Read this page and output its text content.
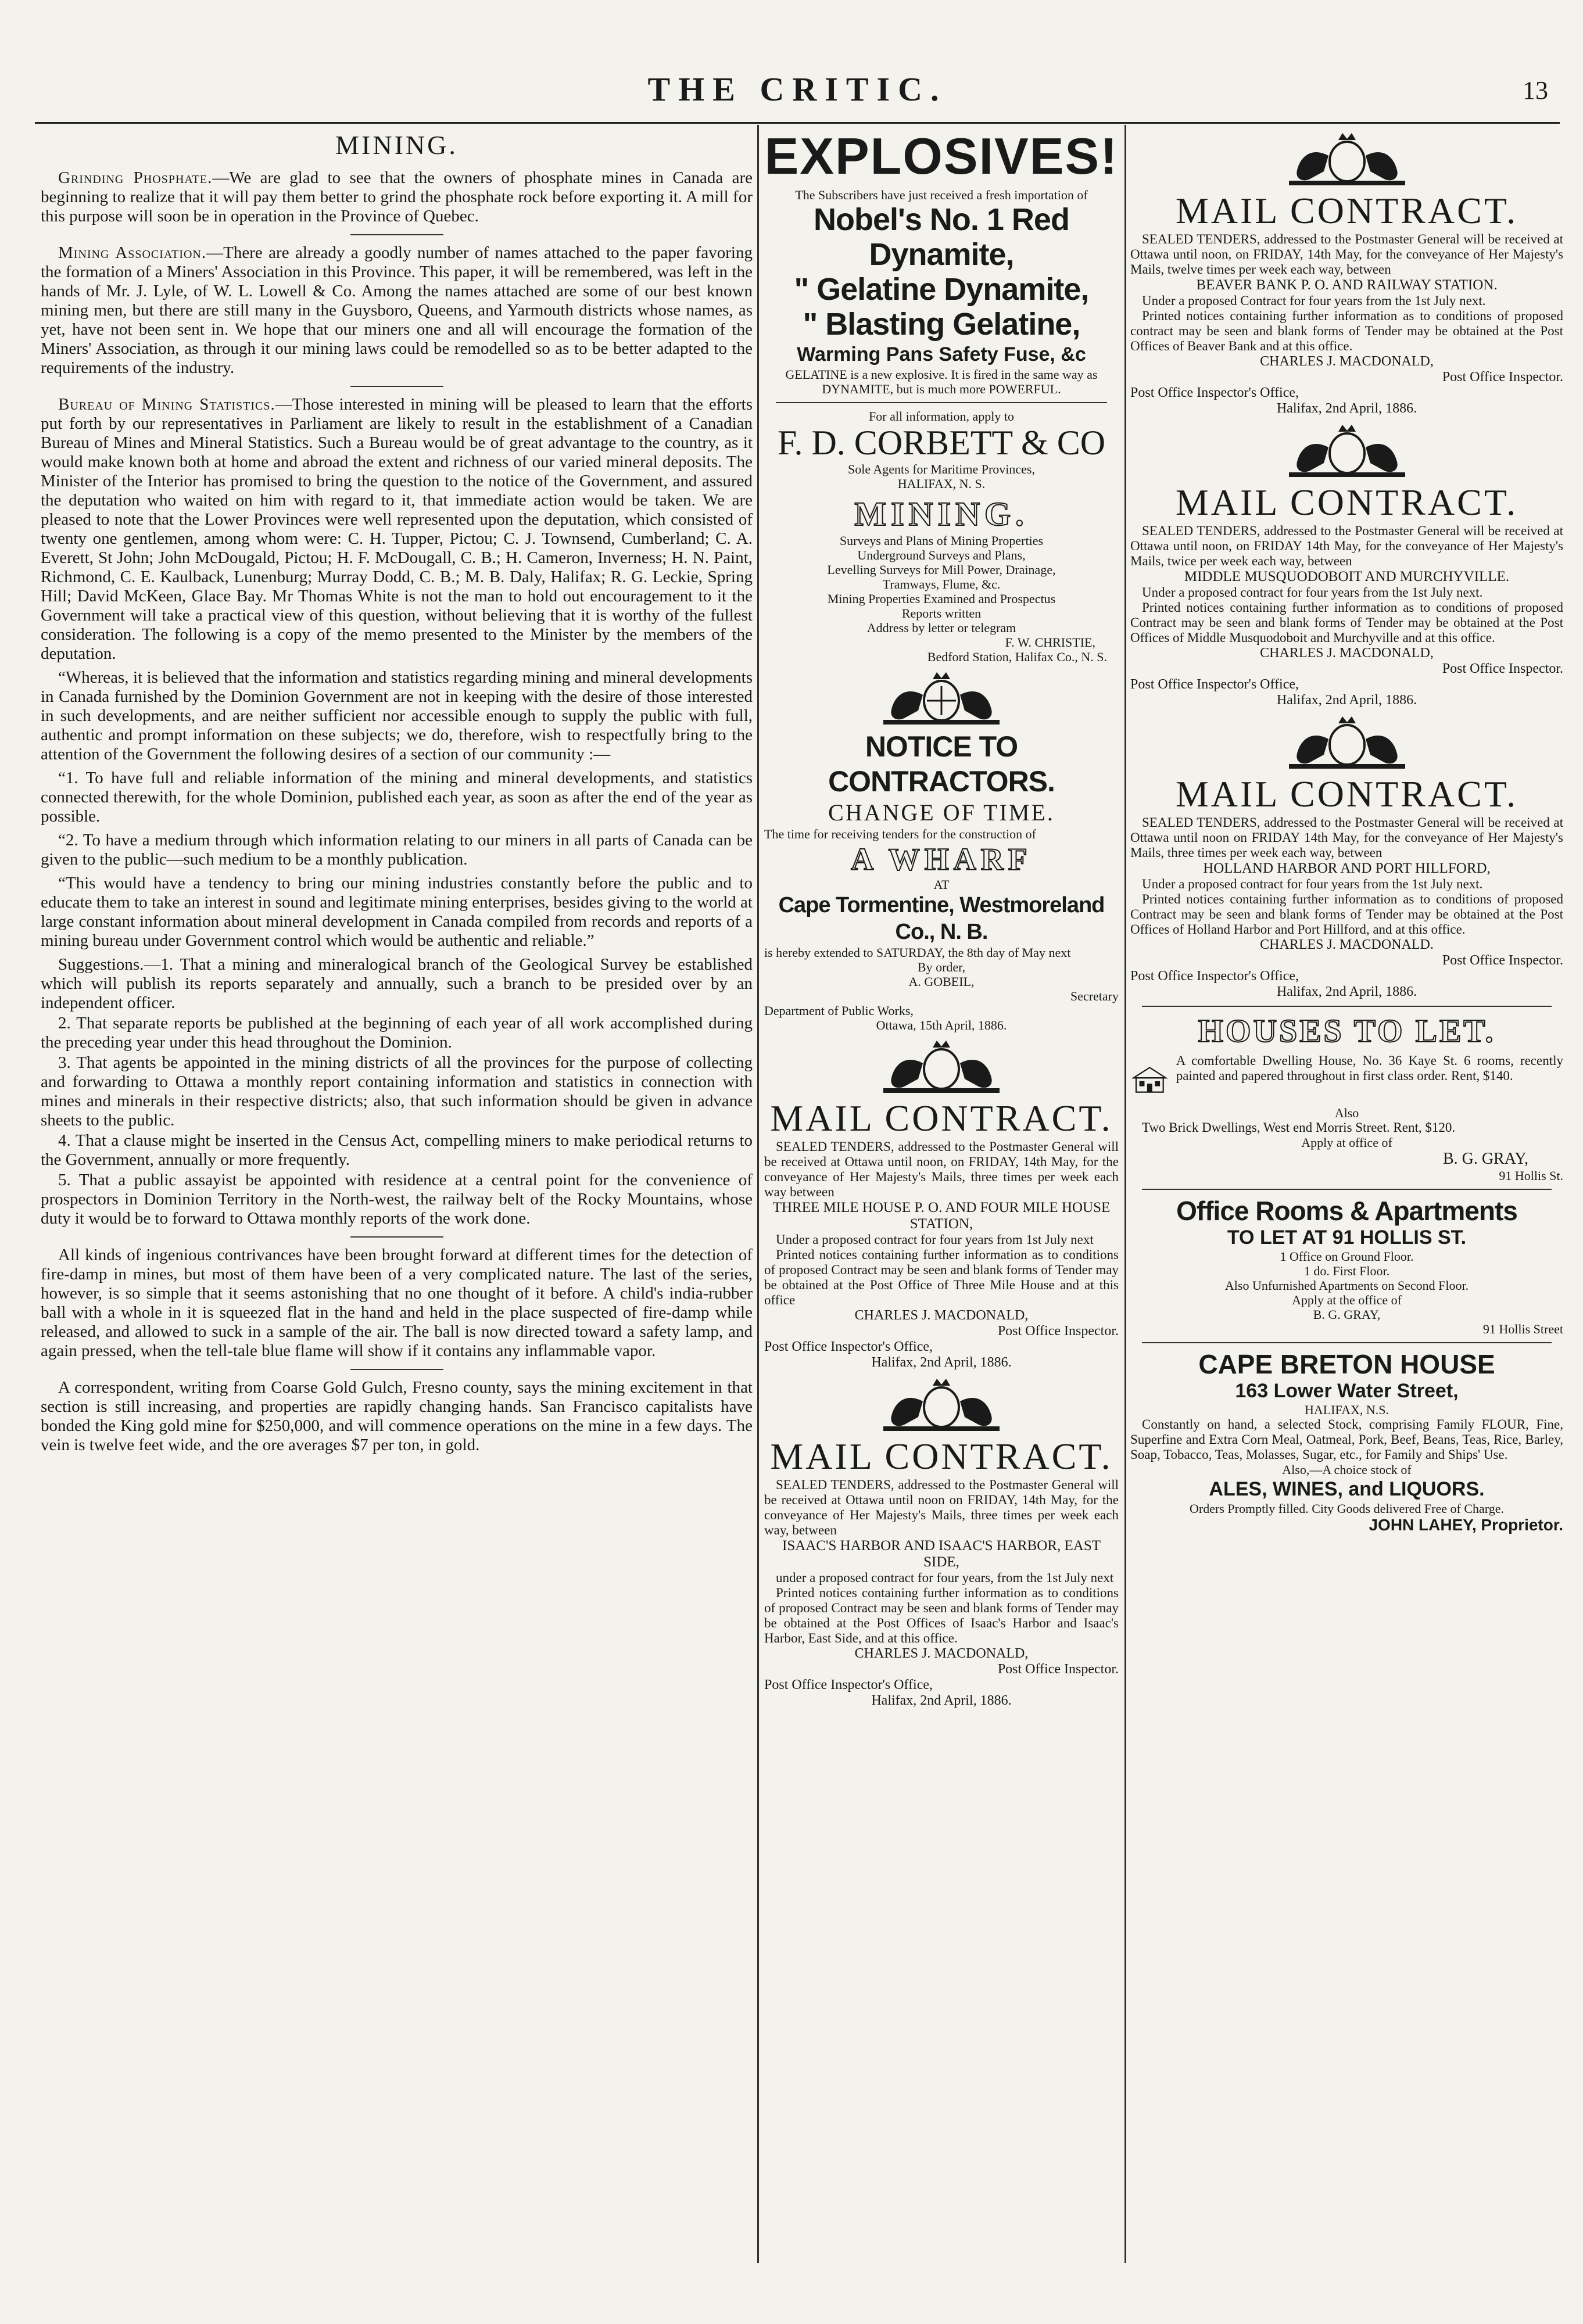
THE CRITIC.	13
MINING.

Grinding Phosphate.—We are glad to see that the owners of phosphate mines in Canada are beginning to realize that it will pay them better to grind the phosphate rock before exporting it. A mill for this purpose will soon be in operation in the Province of Quebec.

Mining Association.—There are already a goodly number of names attached to the paper favoring the formation of a Miners' Association in this Province. This paper, it will be remembered, was left in the hands of Mr. J. Lyle, of W. L. Lowell & Co. Among the names attached are some of our best known mining men, but there are still many in the Guysboro, Queens, and Yarmouth districts whose names, as yet, have not been sent in. We hope that our miners one and all will encourage the formation of the Miners' Association, as through it our mining laws could be remodelled so as to be better adapted to the requirements of the industry.

Bureau of Mining Statistics.—Those interested in mining will be pleased to learn that the efforts put forth by our representatives in Parliament are likely to result in the establishment of a Canadian Bureau of Mines and Mineral Statistics. Such a Bureau would be of great advantage to the country, as it would make known both at home and abroad the extent and richness of our varied mineral deposits. The Minister of the Interior has promised to bring the question to the notice of the Government, and assured the deputation who waited on him with regard to it, that immediate action would be taken. We are pleased to note that the Lower Provinces were well represented upon the deputation, which consisted of twenty one gentlemen, among whom were: C. H. Tupper, Pictou; C. J. Townsend, Cumberland; C. A. Everett, St John; John McDougald, Pictou; H. F. McDougall, C. B.; H. Cameron, Inverness; H. N. Paint, Richmond, C. E. Kaulback, Lunenburg; Murray Dodd, C. B.; M. B. Daly, Halifax; R. G. Leckie, Spring Hill; David McKeen, Glace Bay. Mr Thomas White is not the man to hold out encouragement to it the Government will take a practical view of this question, without believing that it is worthy of the fullest consideration. The following is a copy of the memo presented to the Minister by the members of the deputation.

“Whereas, it is believed that the information and statistics regarding mining and mineral developments in Canada furnished by the Dominion Government are not in keeping with the desire of those interested in such developments, and are neither sufficient nor accessible enough to supply the public with full, authentic and prompt information on these subjects; we do, therefore, wish to respectfully bring to the attention of the Government the following desires of a section of our community :—

“1. To have full and reliable information of the mining and mineral developments, and statistics connected therewith, for the whole Dominion, published each year, as soon as after the end of the year as possible.

“2. To have a medium through which information relating to our miners in all parts of Canada can be given to the public—such medium to be a monthly publication.

“This would have a tendency to bring our mining industries constantly before the public and to educate them to take an interest in sound and legitimate mining enterprises, besides giving to the world at large constant information about mineral development in Canada compiled from records and reports of a mining bureau under Government control which would be authentic and reliable.”

Suggestions.—1. That a mining and mineralogical branch of the Geological Survey be established which will publish its reports separately and annually, such a branch to be presided over by an independent officer.

2. That separate reports be published at the beginning of each year of all work accomplished during the preceding year under this head throughout the Dominion.

3. That agents be appointed in the mining districts of all the provinces for the purpose of collecting and forwarding to Ottawa a monthly report containing information and statistics in connection with mines and minerals in their respective districts; also, that such information should be given in advance sheets to the public.

4. That a clause might be inserted in the Census Act, compelling miners to make periodical returns to the Government, annually or more frequently.

5. That a public assayist be appointed with residence at a central point for the convenience of prospectors in Dominion Territory in the North-west, the railway belt of the Rocky Mountains, whose duty it would be to forward to Ottawa monthly reports of the work done.

All kinds of ingenious contrivances have been brought forward at different times for the detection of fire-damp in mines, but most of them have been of a very complicated nature. The last of the series, however, is so simple that it seems astonishing that no one thought of it before. A child's india-rubber ball with a whole in it is squeezed flat in the hand and held in the place suspected of fire-damp while released, and allowed to suck in a sample of the air. The ball is now directed toward a safety lamp, and again pressed, when the tell-tale blue flame will show if it contains any inflammable vapor.

A correspondent, writing from Coarse Gold Gulch, Fresno county, says the mining excitement in that section is still increasing, and properties are rapidly changing hands. San Francisco capitalists have bonded the King gold mine for $250,000, and will commence operations on the mine in a few days. The vein is twelve feet wide, and the ore averages $7 per ton, in gold.

EXPLOSIVES!
The Subscribers have just received a fresh importation of
Nobel's No. 1 Red Dynamite,
" Gelatine Dynamite,
" Blasting Gelatine,
Warming Pans Safety Fuse, &c
GELATINE is a new explosive. It is fired in the same way as DYNAMITE, but is much more POWERFUL.
For all information, apply to
F. D. CORBETT & CO
Sole Agents for Maritime Provinces,
HALIFAX, N. S.
MINING.
Surveys and Plans of Mining Properties
Underground Surveys and Plans,
Levelling Surveys for Mill Power, Drainage,
Tramways, Flume, &c.
Mining Properties Examined and Prospectus
Reports written
Address by letter or telegram
F. W. CHRISTIE,
Bedford Station, Halifax Co., N. S.
NOTICE TO CONTRACTORS.
CHANGE OF TIME.
The time for receiving tenders for the construction of
A WHARF
AT
Cape Tormentine, Westmoreland Co., N. B.
is hereby extended to SATURDAY, the 8th day of May next
By order,
A. GOBEIL,
Secretary
Department of Public Works,
Ottawa, 15th April, 1886.
MAIL CONTRACT.
SEALED TENDERS, addressed to the Postmaster General will be received at Ottawa until noon, on FRIDAY, 14th May, for the conveyance of Her Majesty's Mails, three times per week each way between
THREE MILE HOUSE P. O. AND FOUR MILE HOUSE STATION,
Under a proposed contract for four years from 1st July next
Printed notices containing further information as to conditions of proposed Contract may be seen and blank forms of Tender may be obtained at the Post Office of Three Mile House and at this office
CHARLES J. MACDONALD,
Post Office Inspector.
Post Office Inspector's Office,
Halifax, 2nd April, 1886.
MAIL CONTRACT.
SEALED TENDERS, addressed to the Postmaster General will be received at Ottawa until noon on FRIDAY, 14th May, for the conveyance of Her Majesty's Mails, three times per week each way, between
ISAAC'S HARBOR AND ISAAC'S HARBOR, EAST SIDE,
under a proposed contract for four years, from the 1st July next
Printed notices containing further information as to conditions of proposed Contract may be seen and blank forms of Tender may be obtained at the Post Offices of Isaac's Harbor and Isaac's Harbor, East Side, and at this office.
CHARLES J. MACDONALD,
Post Office Inspector.
Post Office Inspector's Office,
Halifax, 2nd April, 1886.
MAIL CONTRACT.
SEALED TENDERS, addressed to the Postmaster General will be received at Ottawa until noon, on FRIDAY, 14th May, for the conveyance of Her Majesty's Mails, twelve times per week each way, between
BEAVER BANK P. O. AND RAILWAY STATION.
Under a proposed Contract for four years from the 1st July next.
Printed notices containing further information as to conditions of proposed contract may be seen and blank forms of Tender may be obtained at the Post Offices of Beaver Bank and at this office.
CHARLES J. MACDONALD,
Post Office Inspector.
Post Office Inspector's Office,
Halifax, 2nd April, 1886.
MAIL CONTRACT.
SEALED TENDERS, addressed to the Postmaster General will be received at Ottawa until noon, on FRIDAY 14th May, for the conveyance of Her Majesty's Mails, twice per week each way, between
MIDDLE MUSQUODOBOIT AND MURCHYVILLE.
Under a proposed contract for four years from the 1st July next.
Printed notices containing further information as to conditions of proposed Contract may be seen and blank forms of Tender may be obtained at the Post Offices of Middle Musquodoboit and Murchyville and at this office.
CHARLES J. MACDONALD,
Post Office Inspector.
Post Office Inspector's Office,
Halifax, 2nd April, 1886.
MAIL CONTRACT.
SEALED TENDERS, addressed to the Postmaster General will be received at Ottawa until noon on FRIDAY 14th May, for the conveyance of Her Majesty's Mails, three times per week each way, between
HOLLAND HARBOR AND PORT HILLFORD,
Under a proposed contract for four years from the 1st July next.
Printed notices containing further information as to conditions of proposed Contract may be seen and blank forms of Tender may be obtained at the Post Offices of Holland Harbor and Port Hillford, and at this office.
CHARLES J. MACDONALD.
Post Office Inspector.
Post Office Inspector's Office,
Halifax, 2nd April, 1886.
HOUSES TO LET.
A comfortable Dwelling House, No. 36 Kaye St. 6 rooms, recently painted and papered throughout in first class order. Rent, $140.
Also
Two Brick Dwellings, West end Morris Street. Rent, $120.
Apply at office of
B. G. GRAY,
91 Hollis St.
Office Rooms & Apartments
TO LET AT 91 HOLLIS ST.
1 Office on Ground Floor.
1 do. First Floor.
Also Unfurnished Apartments on Second Floor.
Apply at the office of
B. G. GRAY,
91 Hollis Street
CAPE BRETON HOUSE
163 Lower Water Street,
HALIFAX, N.S.
Constantly on hand, a selected Stock, comprising Family FLOUR, Fine, Superfine and Extra Corn Meal, Oatmeal, Pork, Beef, Beans, Teas, Rice, Barley, Soap, Tobacco, Teas, Molasses, Sugar, etc., for Family and Ships' Use.
Also,—A choice stock of
ALES, WINES, and LIQUORS.
Orders Promptly filled. City Goods delivered Free of Charge.
JOHN LAHEY, Proprietor.
